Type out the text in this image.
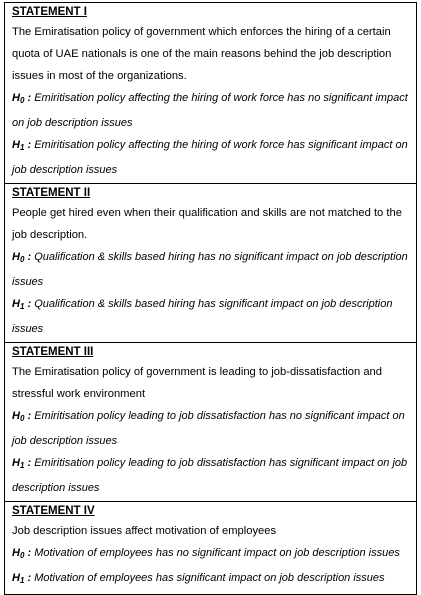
STATEMENT I

The Emiratisation policy of government which enforces the hiring of a certain quota of UAE nationals is one of the main reasons behind the job description issues in most of the organizations.

$H_0$ : Emiritisation policy affecting the hiring of work force has no significant impact on job description issues

$H_1$ : Emiritisation policy affecting the hiring of work force has significant impact on job description issues

STATEMENT II

People get hired even when their qualification and skills are not matched to the job description.

$H_0$ : Qualification & skills based hiring has no significant impact on job description issues

$H_1$ : Qualification & skills based hiring has significant impact on job description issues

STATEMENT III

The Emiratisation policy of government is leading to job-dissatisfaction and stressful work environment

$H_0$ : Emiritisation policy leading to job dissatisfaction has no significant impact on job description issues

$H_1$ : Emiritisation policy leading to job dissatisfaction has significant impact on job description issues

STATEMENT IV

Job description issues affect motivation of employees

$H_0$ : Motivation of employees has no significant impact on job description issues

$H_1$ : Motivation of employees has significant impact on job description issues
